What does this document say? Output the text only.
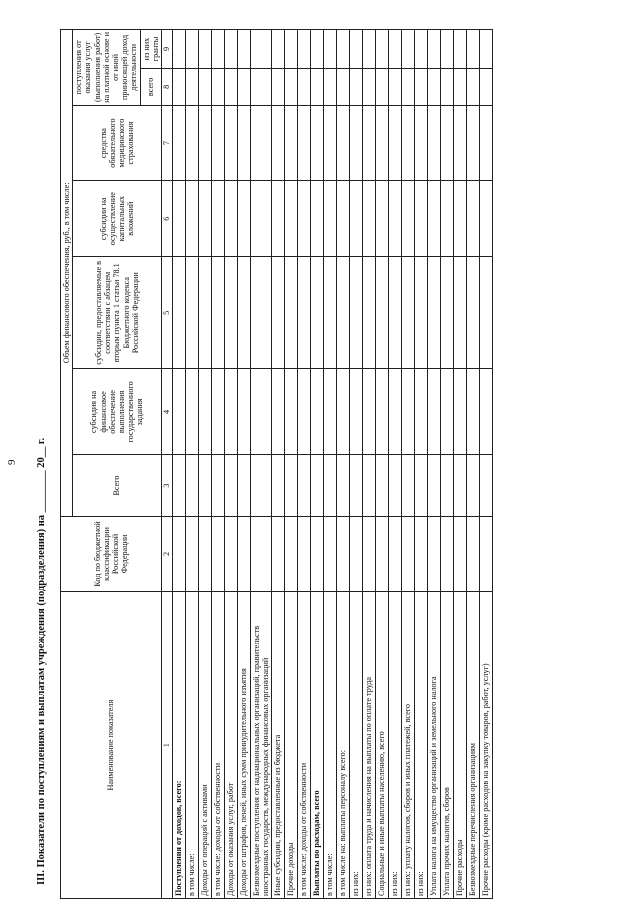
9
III. Показатели по поступлениям и выплатам учреждения (подразделения) на ________ 20__ г.
Наименование показателя	Код по бюджетной классификации Российской Федерации	Объем финансового обеспечения, руб., в том числе:						
		Всего	субсидия на финансовое обеспечение выполнения государственного задания	субсидии, предоставляемые в соответствии с абзацем вторым пункта 1 статьи 78.1 Бюджетного кодекса Российской Федерации	субсидии на осуществление капитальных вложений	средства обязательного медицинского страхования	поступления от оказания услуг (выполнения работ) на платной основе и от иной приносящей доход деятельности	
							всего	из них гранты
1	2	3	4	5	6	7	8	9
Поступления от доходов, всего:								
в том числе:								
Доходы от операций с активами								
в том числе: доходы от собственности								
Доходы от оказания услуг, работ								
Доходы от штрафов, пеней, иных сумм принудительного изъятия								
Безвозмездные поступления от наднациональных организаций, правительств иностранных государств, международных финансовых организаций								
Иные субсидии, предоставленные из бюджета								
Прочие доходы								
в том числе: доходы от собственности								
Выплаты по расходам, всего								
в том числе:								
в том числе на: выплаты персоналу всего:								
из них:								
из них: оплата труда и начисления на выплаты по оплате труда								
Социальные и иные выплаты населению, всего								
из них:								
из них: уплату налогов, сборов и иных платежей, всего								
из них:								
Уплата налога на имущество организаций и земельного налога								
Уплата прочих налогов, сборов								
Прочие расходы								
Безвозмездные перечисления организациям								
Прочие расходы (кроме расходов на закупку товаров, работ, услуг)								
